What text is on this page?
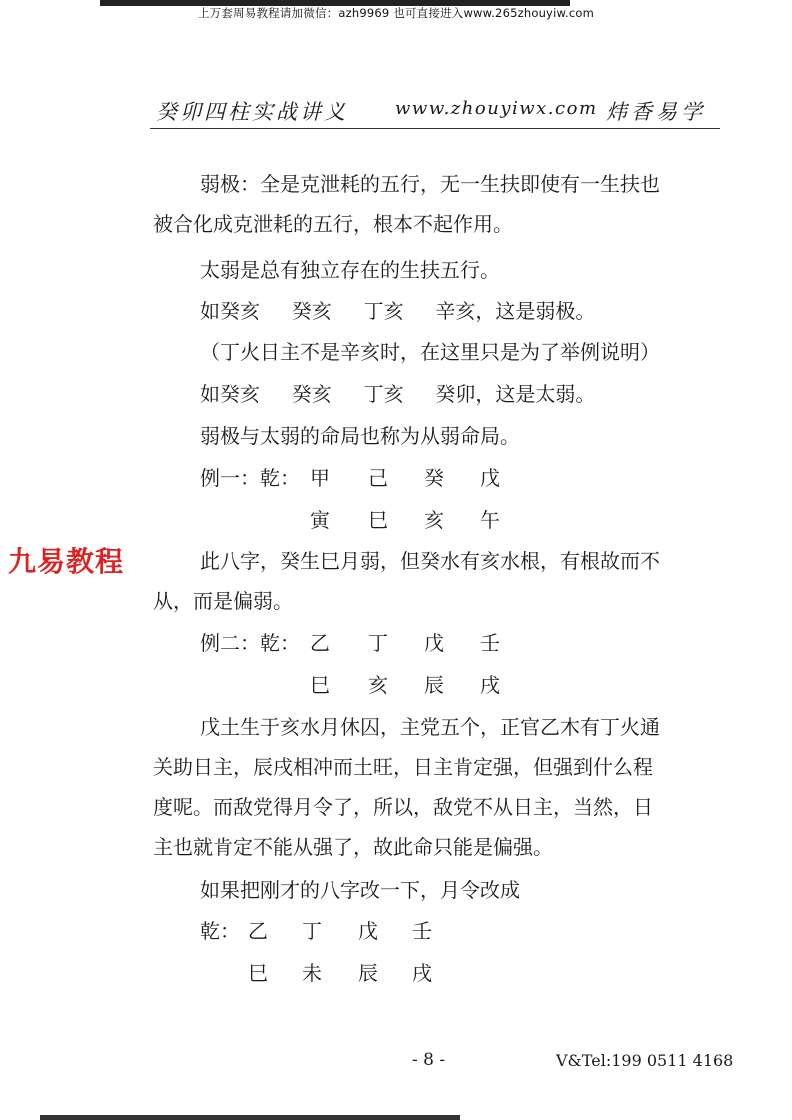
上万套周易教程请加微信：azh9969 也可直接进入www.265zhouyiw.com
癸卯四柱实战讲义	www.zhouyiwx.com 炜香易学
弱极：全是克泄耗的五行，无一生扶即使有一生扶也
被合化成克泄耗的五行，根本不起作用。
太弱是总有独立存在的生扶五行。
如癸亥     癸亥     丁亥     辛亥，这是弱极。
（丁火日主不是辛亥时，在这里只是为了举例说明）
如癸亥     癸亥     丁亥     癸卯，这是太弱。
弱极与太弱的命局也称为从弱命局。
例一：乾： 甲 己 癸 戊
寅 巳 亥 午
九易教程	此八字，癸生巳月弱，但癸水有亥水根，有根故而不
从，而是偏弱。
例二：乾： 乙 丁 戊 壬
巳 亥 辰 戌
戊土生于亥水月休囚，主党五个，正官乙木有丁火通
关助日主，辰戌相冲而土旺，日主肯定强，但强到什么程
度呢。而敌党得月令了，所以，敌党不从日主，当然，日
主也就肯定不能从强了，故此命只能是偏强。
如果把刚才的八字改一下，月令改成
乾： 乙 丁 戊 壬
巳 未 辰 戌
- 8 -	V&Tel:199 0511 4168
